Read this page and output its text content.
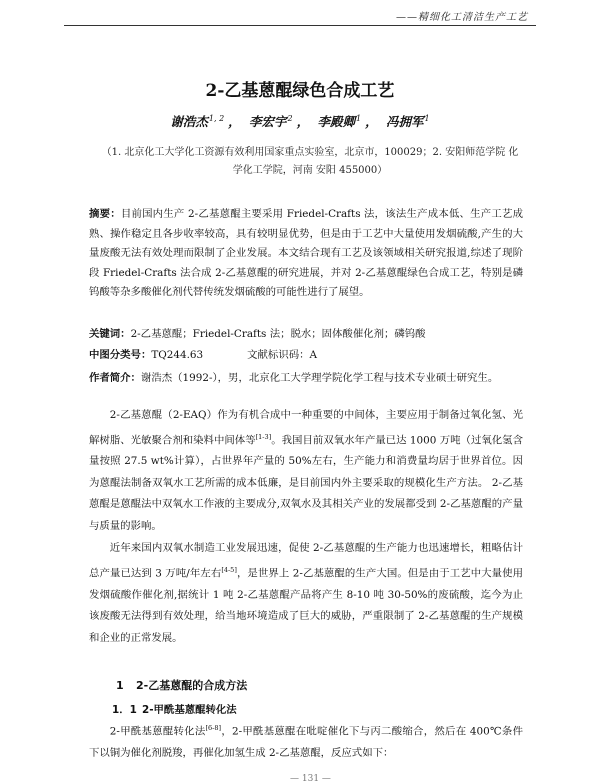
——精细化工清洁生产工艺
2-乙基蒽醌绿色合成工艺
谢浩杰$^{1, 2}$ ， 李宏宇$^2$ ， 李殿卿$^1$ ， 冯拥军$^1$
（1. 北京化工大学化工资源有效利用国家重点实验室，北京市，100029；2. 安阳师范学院 化
学化工学院，河南 安阳 455000）
摘要：目前国内生产 2-乙基蒽醌主要采用 Friedel-Crafts 法，该法生产成本低、生产工艺成熟、操作稳定且各步收率较高，具有较明显优势，但是由于工艺中大量使用发烟硫酸,产生的大量废酸无法有效处理而限制了企业发展。本文结合现有工艺及该领域相关研究报道,综述了现阶段 Friedel-Crafts 法合成 2-乙基蒽醌的研究进展，并对 2-乙基蒽醌绿色合成工艺，特别是磷钨酸等杂多酸催化剂代替传统发烟硫酸的可能性进行了展望。
关键词：2-乙基蒽醌；Friedel-Crafts 法；脱水；固体酸催化剂；磷钨酸
中图分类号：TQ244.63	文献标识码：A
作者简介：谢浩杰（1992-），男，北京化工大学理学院化学工程与技术专业硕士研究生。

2-乙基蒽醌（2-EAQ）作为有机合成中一种重要的中间体，主要应用于制备过氧化氢、光解树脂、光敏聚合剂和染料中间体等[1-3]。我国目前双氧水年产量已达 1000 万吨（过氧化氢含量按照 27.5 wt%计算），占世界年产量的 50%左右，生产能力和消费量均居于世界首位。因为蒽醌法制备双氧水工艺所需的成本低廉，是目前国内外主要采取的规模化生产方法。 2-乙基蒽醌是蒽醌法中双氧水工作液的主要成分,双氧水及其相关产业的发展都受到 2-乙基蒽醌的产量与质量的影响。

近年来国内双氧水制造工业发展迅速，促使 2-乙基蒽醌的生产能力也迅速增长，粗略估计总产量已达到 3 万吨/年左右[4-5]，是世界上 2-乙基蒽醌的生产大国。但是由于工艺中大量使用发烟硫酸作催化剂,据统计 1 吨 2-乙基蒽醌产品将产生 8-10 吨 30-50%的废硫酸，迄今为止该废酸无法得到有效处理，给当地环境造成了巨大的威胁，严重限制了 2-乙基蒽醌的生产规模和企业的正常发展。

1 2-乙基蒽醌的合成方法
1．1 2-甲酰基蒽醌转化法

2-甲酰基蒽醌转化法[6-8]，2-甲酰基蒽醌在吡啶催化下与丙二酸缩合，然后在 400℃条件下以铜为催化剂脱羧，再催化加氢生成 2-乙基蒽醌，反应式如下：

— 131 —
